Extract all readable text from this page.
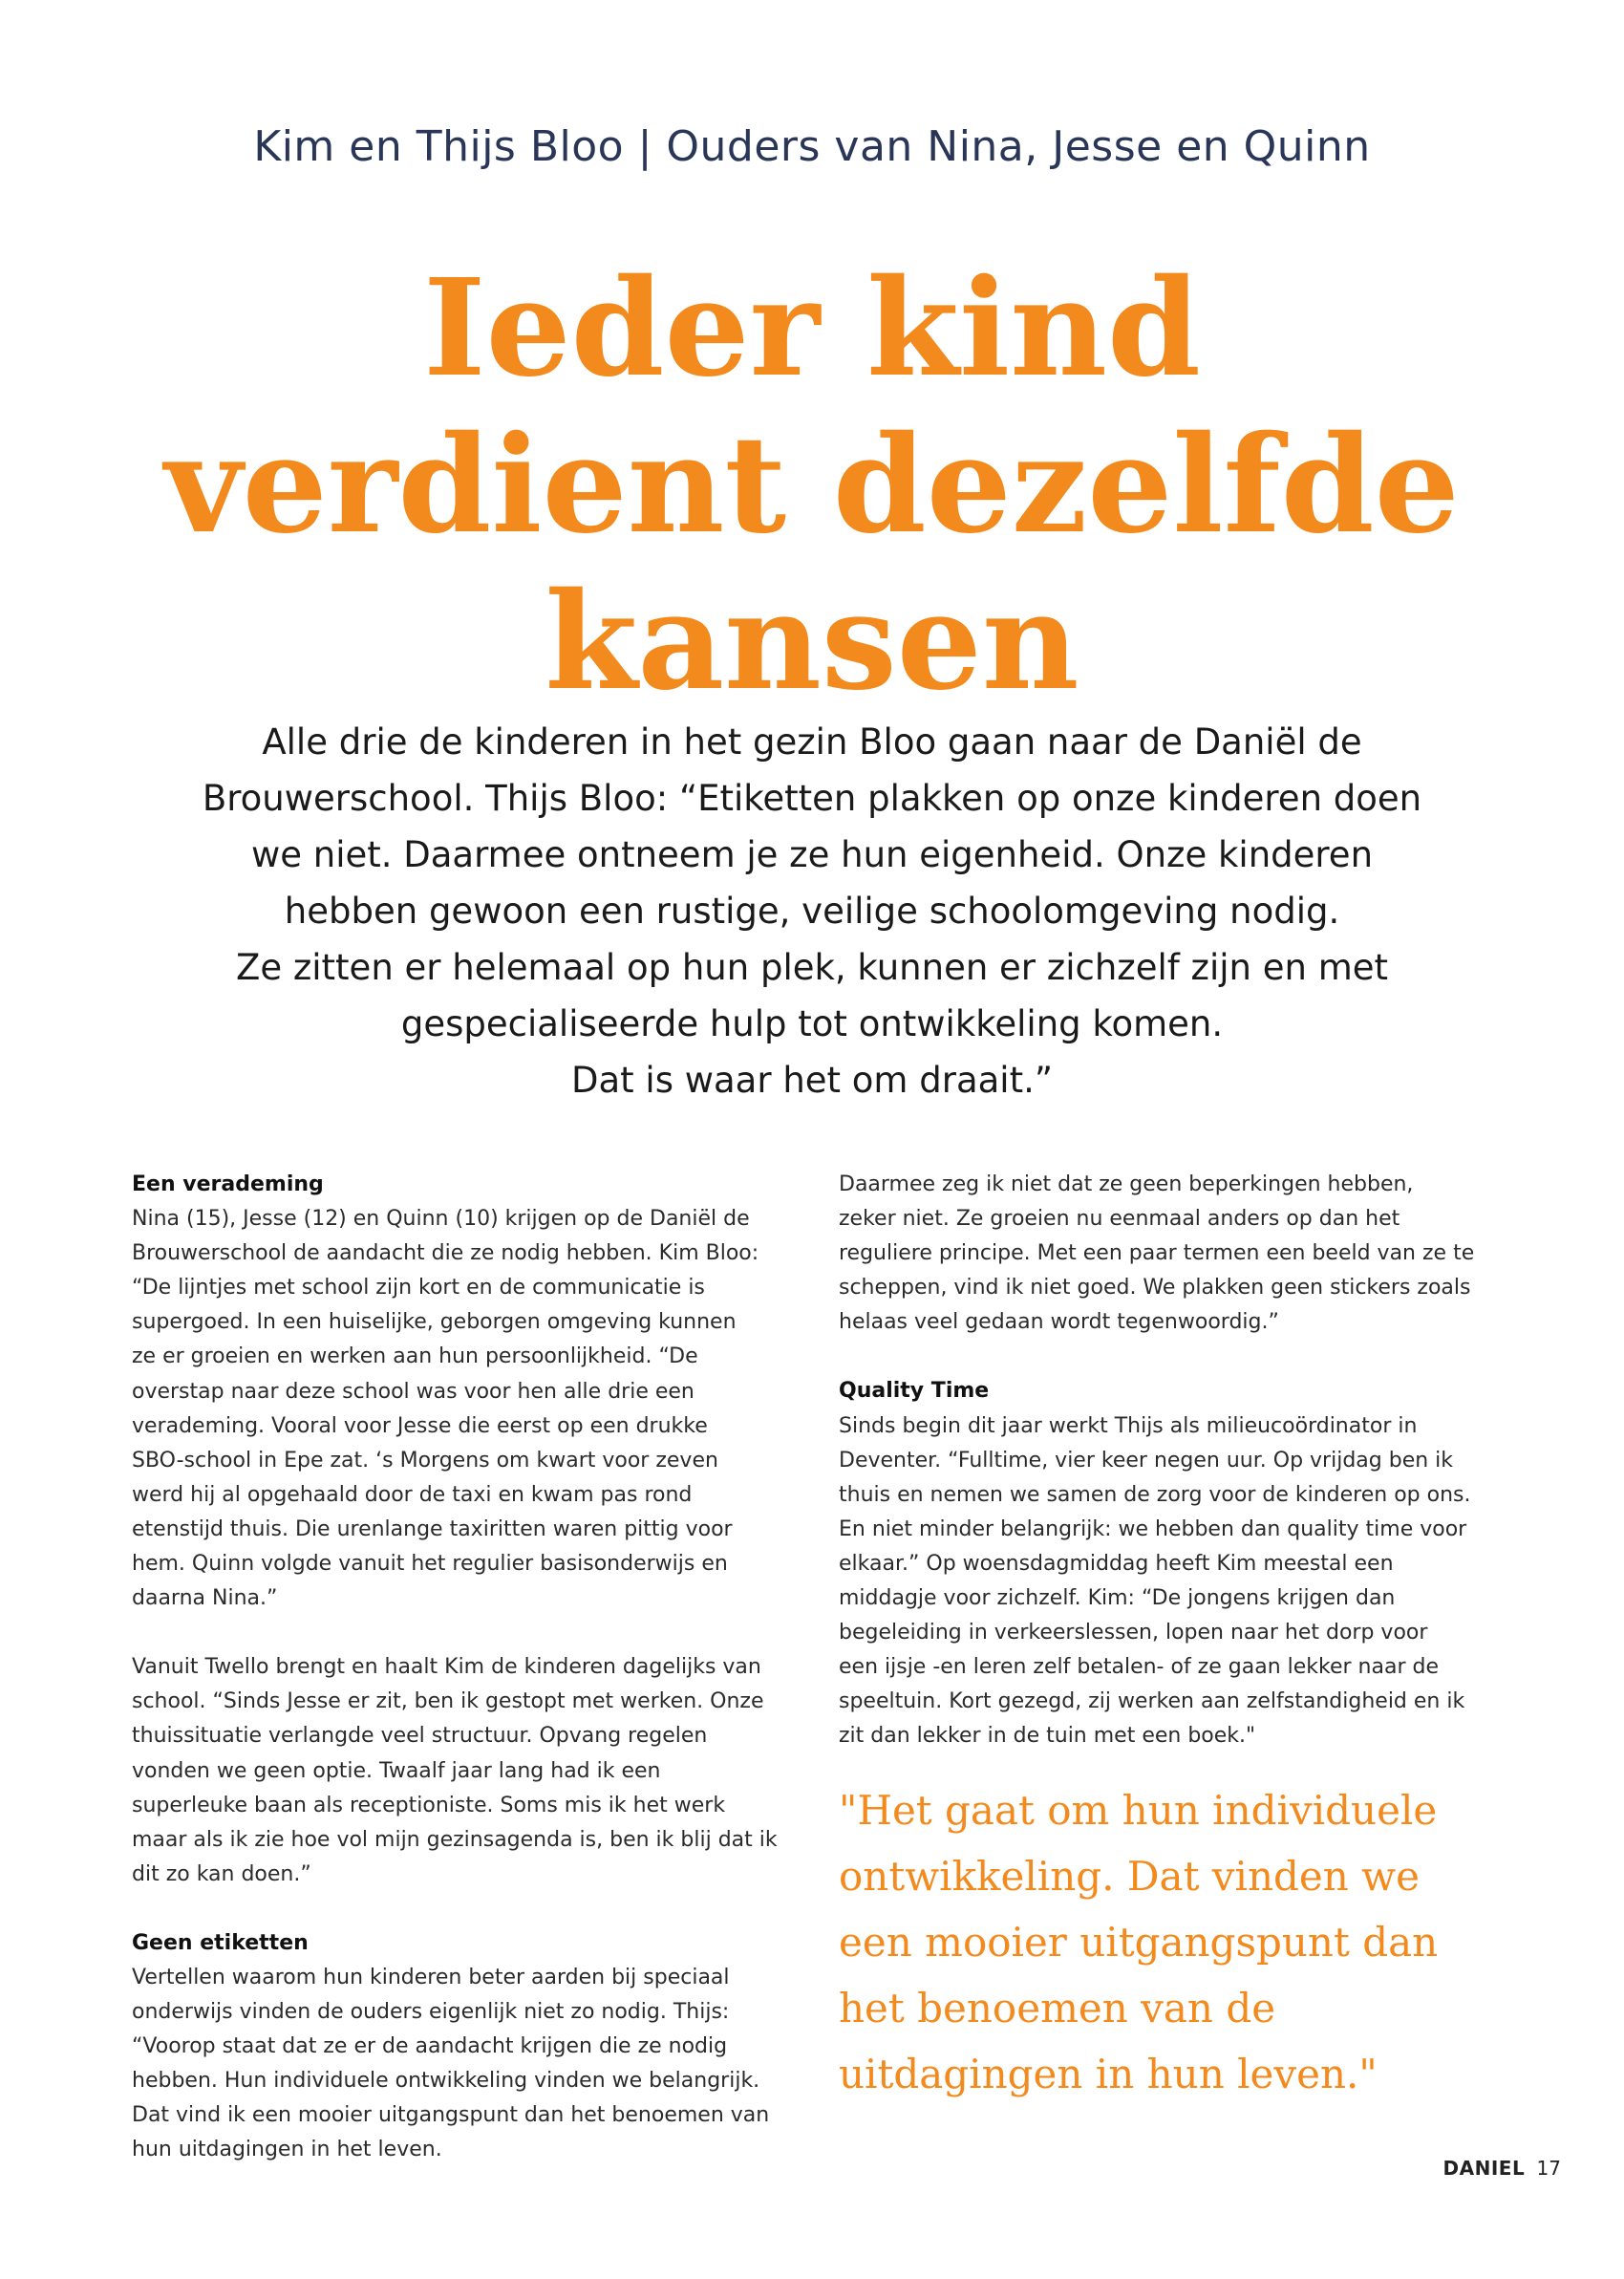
Kim en Thijs Bloo | Ouders van Nina, Jesse en Quinn
Ieder kind
verdient dezelfde
kansen
Alle drie de kinderen in het gezin Bloo gaan naar de Daniël de
Brouwerschool. Thijs Bloo: “Etiketten plakken op onze kinderen doen
we niet. Daarmee ontneem je ze hun eigenheid. Onze kinderen
hebben gewoon een rustige, veilige schoolomgeving nodig.
Ze zitten er helemaal op hun plek, kunnen er zichzelf zijn en met
gespecialiseerde hulp tot ontwikkeling komen.
Dat is waar het om draait.”
Een verademing

Nina (15), Jesse (12) en Quinn (10) krijgen op de Daniël de
Brouwerschool de aandacht die ze nodig hebben. Kim Bloo:
“De lijntjes met school zijn kort en de communicatie is
supergoed. In een huiselijke, geborgen omgeving kunnen
ze er groeien en werken aan hun persoonlijkheid. “De
overstap naar deze school was voor hen alle drie een
verademing. Vooral voor Jesse die eerst op een drukke
SBO-school in Epe zat. ‘s Morgens om kwart voor zeven
werd hij al opgehaald door de taxi en kwam pas rond
etenstijd thuis. Die urenlange taxiritten waren pittig voor
hem. Quinn volgde vanuit het regulier basisonderwijs en
daarna Nina.”

Vanuit Twello brengt en haalt Kim de kinderen dagelijks van
school. “Sinds Jesse er zit, ben ik gestopt met werken. Onze
thuissituatie verlangde veel structuur. Opvang regelen
vonden we geen optie. Twaalf jaar lang had ik een
superleuke baan als receptioniste. Soms mis ik het werk
maar als ik zie hoe vol mijn gezinsagenda is, ben ik blij dat ik
dit zo kan doen.”

Geen etiketten

Vertellen waarom hun kinderen beter aarden bij speciaal
onderwijs vinden de ouders eigenlijk niet zo nodig. Thijs:
“Voorop staat dat ze er de aandacht krijgen die ze nodig
hebben. Hun individuele ontwikkeling vinden we belangrijk.
Dat vind ik een mooier uitgangspunt dan het benoemen van
hun uitdagingen in het leven.

Daarmee zeg ik niet dat ze geen beperkingen hebben,
zeker niet. Ze groeien nu eenmaal anders op dan het
reguliere principe. Met een paar termen een beeld van ze te
scheppen, vind ik niet goed. We plakken geen stickers zoals
helaas veel gedaan wordt tegenwoordig.”

Quality Time

Sinds begin dit jaar werkt Thijs als milieucoördinator in
Deventer. “Fulltime, vier keer negen uur. Op vrijdag ben ik
thuis en nemen we samen de zorg voor de kinderen op ons.
En niet minder belangrijk: we hebben dan quality time voor
elkaar.” Op woensdagmiddag heeft Kim meestal een
middagje voor zichzelf. Kim: “De jongens krijgen dan
begeleiding in verkeerslessen, lopen naar het dorp voor
een ijsje -en leren zelf betalen- of ze gaan lekker naar de
speeltuin. Kort gezegd, zij werken aan zelfstandigheid en ik
zit dan lekker in de tuin met een boek."

"Het gaat om hun individuele
ontwikkeling. Dat vinden we
een mooier uitgangspunt dan
het benoemen van de
uitdagingen in hun leven."
DANIEL 17
